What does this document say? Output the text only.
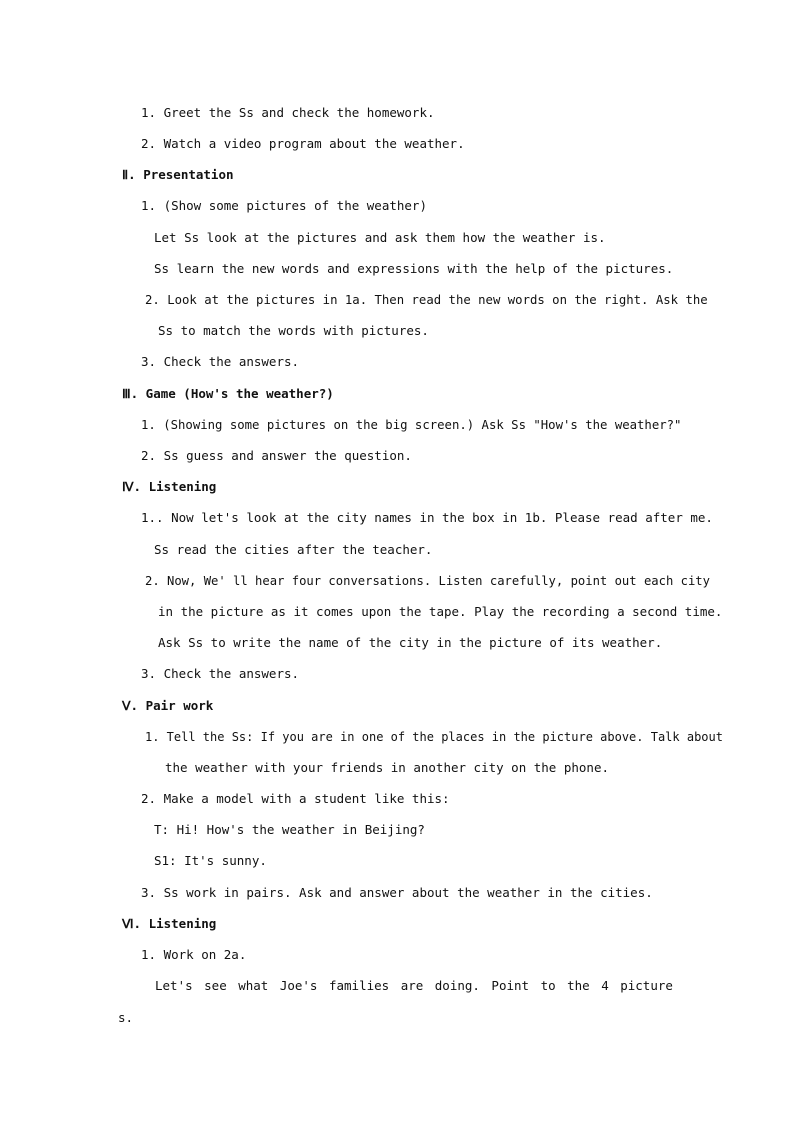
1. Greet the Ss and check the homework.
2. Watch a video program about the weather.
Ⅱ. Presentation
1. (Show some pictures of the weather)
Let Ss look at the pictures and ask them how the weather is.
Ss learn the new words and expressions with the help of the pictures.
2. Look at the pictures in 1a. Then read the new words on the right. Ask the
Ss to match the words with pictures.
3. Check the answers.
Ⅲ. Game (How's the weather?)
1. (Showing some pictures on the big screen.) Ask Ss "How's the weather?"
2. Ss guess and answer the question.
Ⅳ. Listening
1.. Now let's look at the city names in the box in 1b. Please read after me.
Ss read the cities after the teacher.
2. Now, We' ll hear four conversations. Listen carefully, point out each city
in the picture as it comes upon the tape. Play the recording a second time.
Ask Ss to write the name of the city in the picture of its weather.
3. Check the answers.
Ⅴ. Pair work
1. Tell the Ss: If you are in one of the places in the picture above. Talk about
the weather with your friends in another city on the phone.
2. Make a model with a student like this:
T: Hi! How's the weather in Beijing?
S1: It's sunny.
3. Ss work in pairs. Ask and answer about the weather in the cities.
Ⅵ. Listening
1. Work on 2a.
Let's see what Joe's families are doing. Point to the 4 picture
s.
